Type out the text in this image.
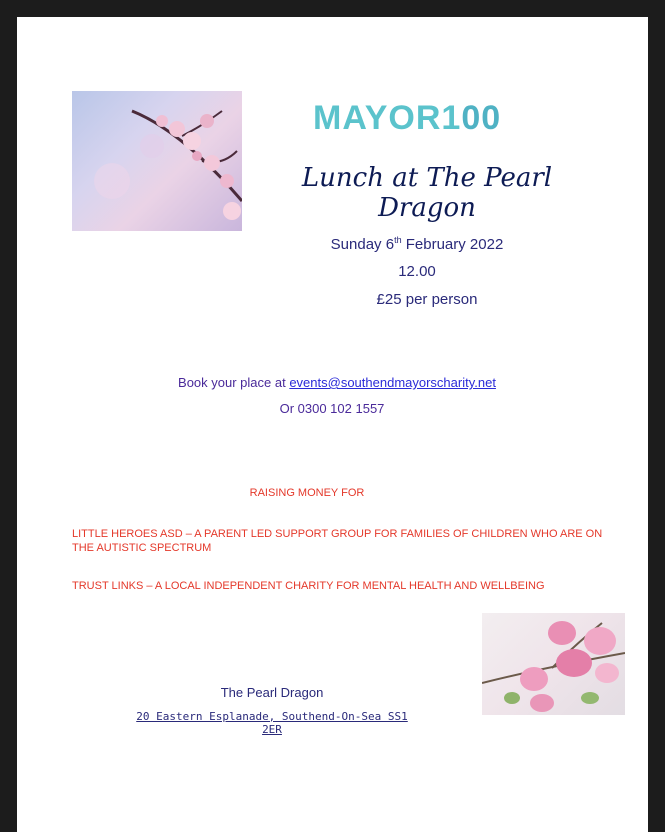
MAYOR100
Lunch at The Pearl Dragon
Sunday 6th February 2022
12.00
£25 per person
Book your place at events@southendmayorscharity.net
Or 0300 102 1557
RAISING MONEY FOR
LITTLE HEROES ASD – A PARENT LED SUPPORT GROUP FOR FAMILIES OF CHILDREN WHO ARE ON THE AUTISTIC SPECTRUM
TRUST LINKS – A LOCAL INDEPENDENT CHARITY FOR MENTAL HEALTH AND WELLBEING
The Pearl Dragon
20 Eastern Esplanade, Southend-On-Sea SS1 2ER
